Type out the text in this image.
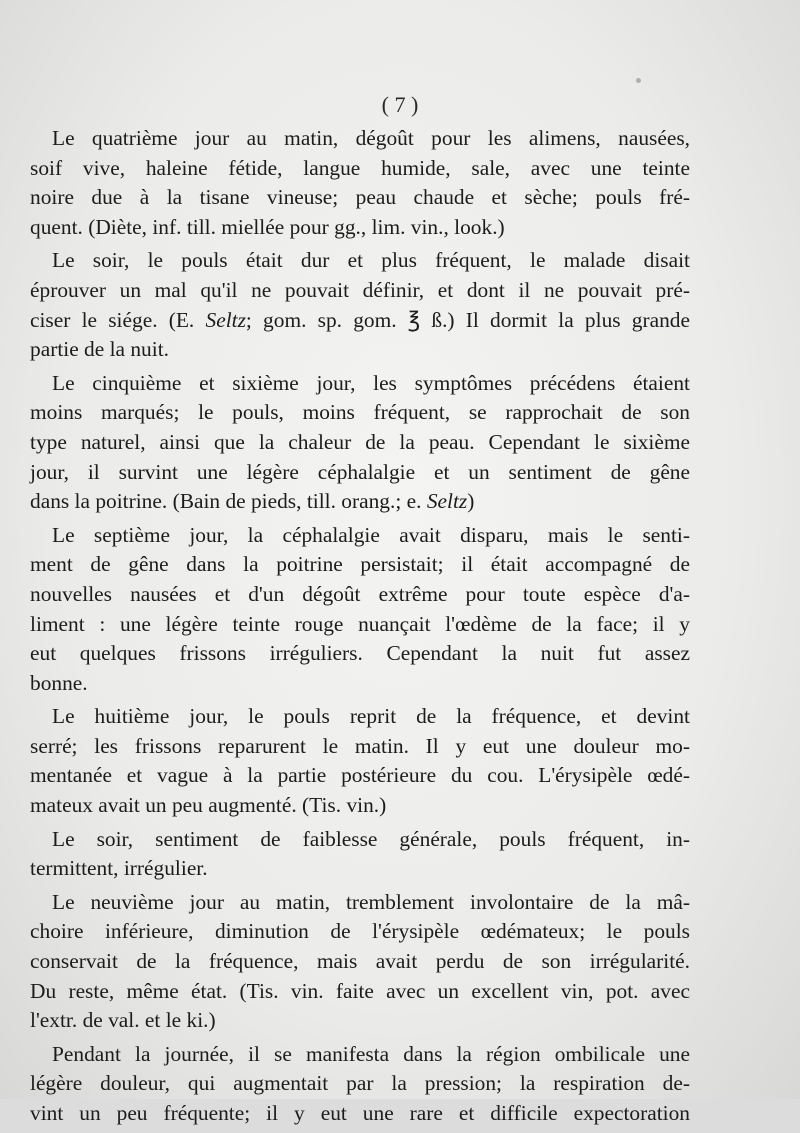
( 7 )
Le quatrième jour au matin, dégoût pour les alimens, nausées,
soif vive, haleine fétide, langue humide, sale, avec une teinte
noire due à la tisane vineuse; peau chaude et sèche; pouls fré-
quent. (Diète, inf. till. miellée pour gg., lim. vin., look.)
Le soir, le pouls était dur et plus fréquent, le malade disait
éprouver un mal qu'il ne pouvait définir, et dont il ne pouvait pré-
ciser le siége. (E. Seltz; gom. sp. gom. ℥ ß.) Il dormit la plus grande
partie de la nuit.
Le cinquième et sixième jour, les symptômes précédens étaient
moins marqués; le pouls, moins fréquent, se rapprochait de son
type naturel, ainsi que la chaleur de la peau. Cependant le sixième
jour, il survint une légère céphalalgie et un sentiment de gêne
dans la poitrine. (Bain de pieds, till. orang.; e. Seltz)
Le septième jour, la céphalalgie avait disparu, mais le senti-
ment de gêne dans la poitrine persistait; il était accompagné de
nouvelles nausées et d'un dégoût extrême pour toute espèce d'a-
liment : une légère teinte rouge nuançait l'œdème de la face; il y
eut quelques frissons irréguliers. Cependant la nuit fut assez
bonne.
Le huitième jour, le pouls reprit de la fréquence, et devint
serré; les frissons reparurent le matin. Il y eut une douleur mo-
mentanée et vague à la partie postérieure du cou. L'érysipèle œdé-
mateux avait un peu augmenté. (Tis. vin.)
Le soir, sentiment de faiblesse générale, pouls fréquent, in-
termittent, irrégulier.
Le neuvième jour au matin, tremblement involontaire de la mâ-
choire inférieure, diminution de l'érysipèle œdémateux; le pouls
conservait de la fréquence, mais avait perdu de son irrégularité.
Du reste, même état. (Tis. vin. faite avec un excellent vin, pot. avec
l'extr. de val. et le ki.)
Pendant la journée, il se manifesta dans la région ombilicale une
légère douleur, qui augmentait par la pression; la respiration de-
vint un peu fréquente; il y eut une rare et difficile expectoration
